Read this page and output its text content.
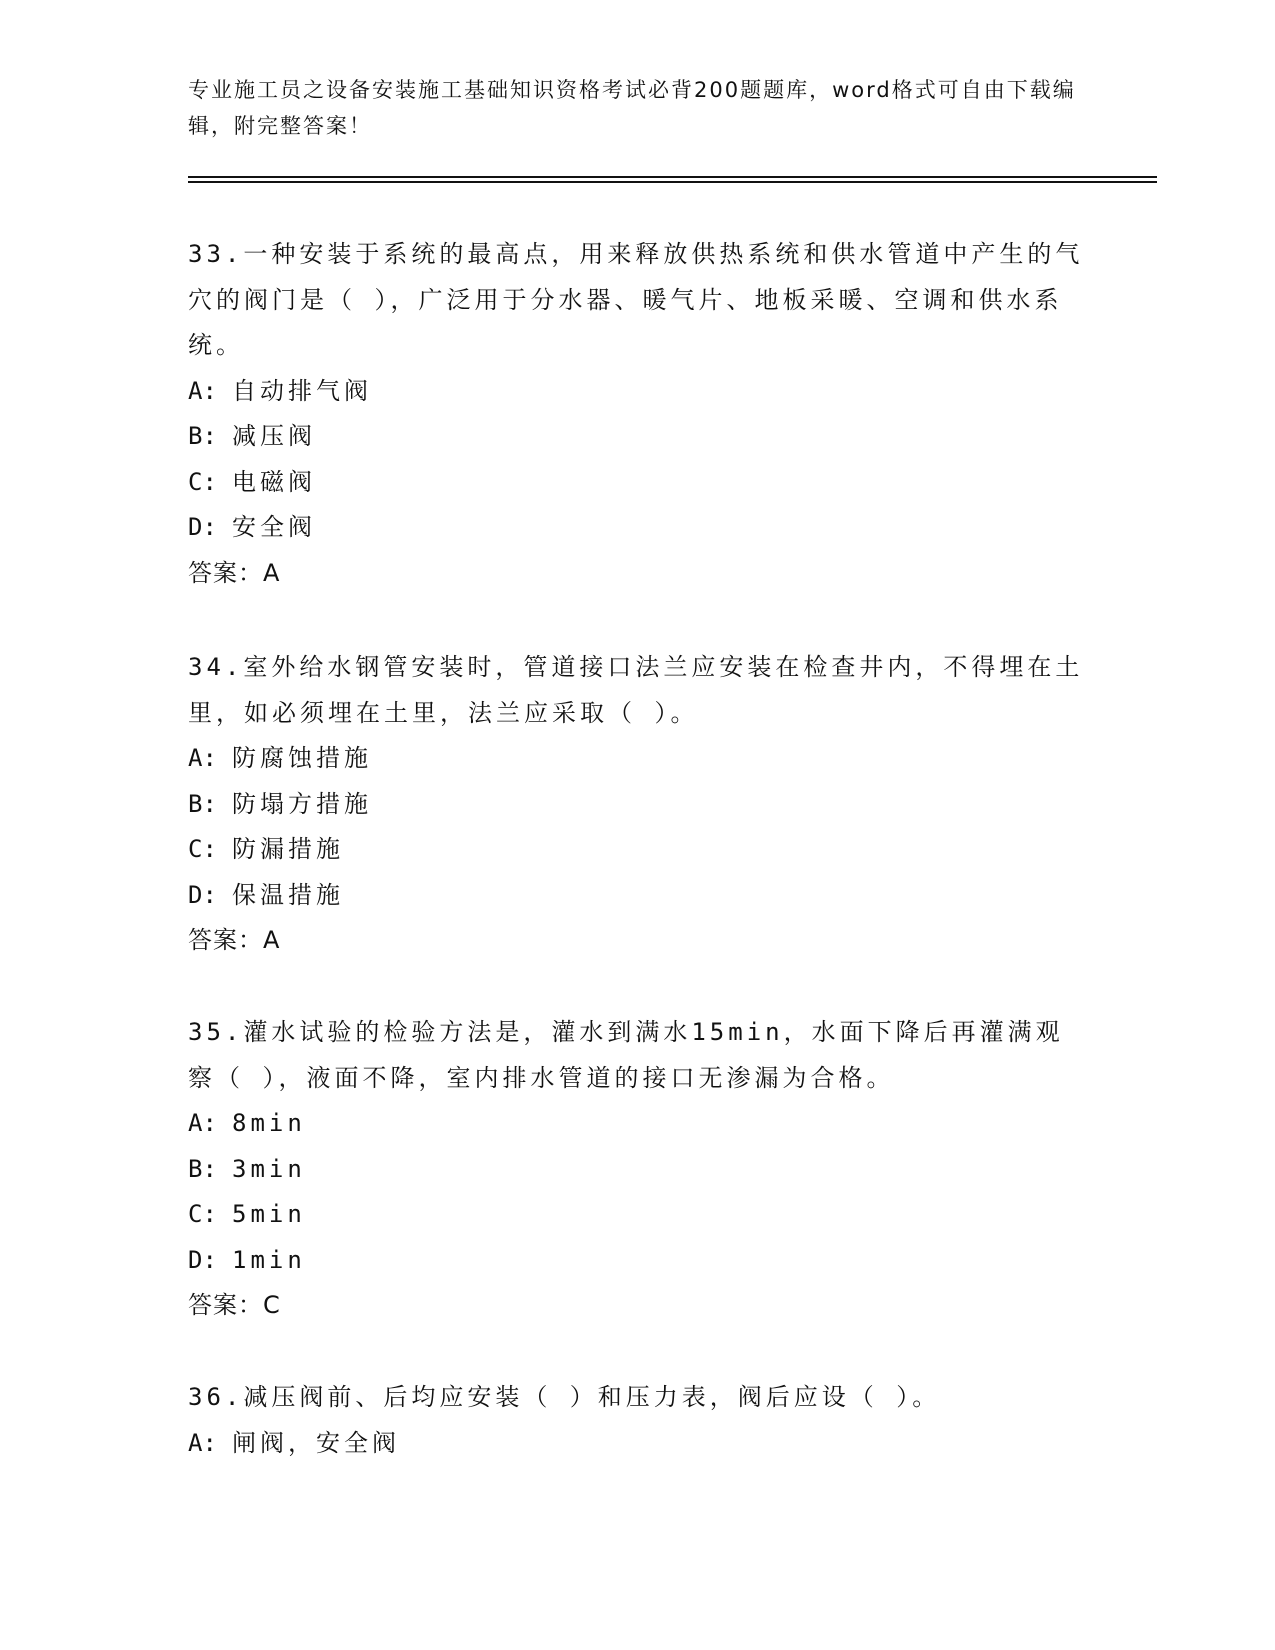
专业施工员之设备安装施工基础知识资格考试必背200题题库，word格式可自由下载编辑，附完整答案！

33.一种安装于系统的最高点，用来释放供热系统和供水管道中产生的气穴的阀门是（ ），广泛用于分水器、暖气片、地板采暖、空调和供水系统。

A: 自动排气阀
B: 减压阀
C: 电磁阀
D: 安全阀
答案：A

34.室外给水钢管安装时，管道接口法兰应安装在检查井内，不得埋在土里，如必须埋在土里，法兰应采取（ ）。

A: 防腐蚀措施
B: 防塌方措施
C: 防漏措施
D: 保温措施
答案：A

35.灌水试验的检验方法是，灌水到满水15min，水面下降后再灌满观察（ ），液面不降，室内排水管道的接口无渗漏为合格。

A: 8min
B: 3min
C: 5min
D: 1min
答案：C

36.减压阀前、后均应安装（ ）和压力表，阀后应设（ ）。

A: 闸阀，安全阀
